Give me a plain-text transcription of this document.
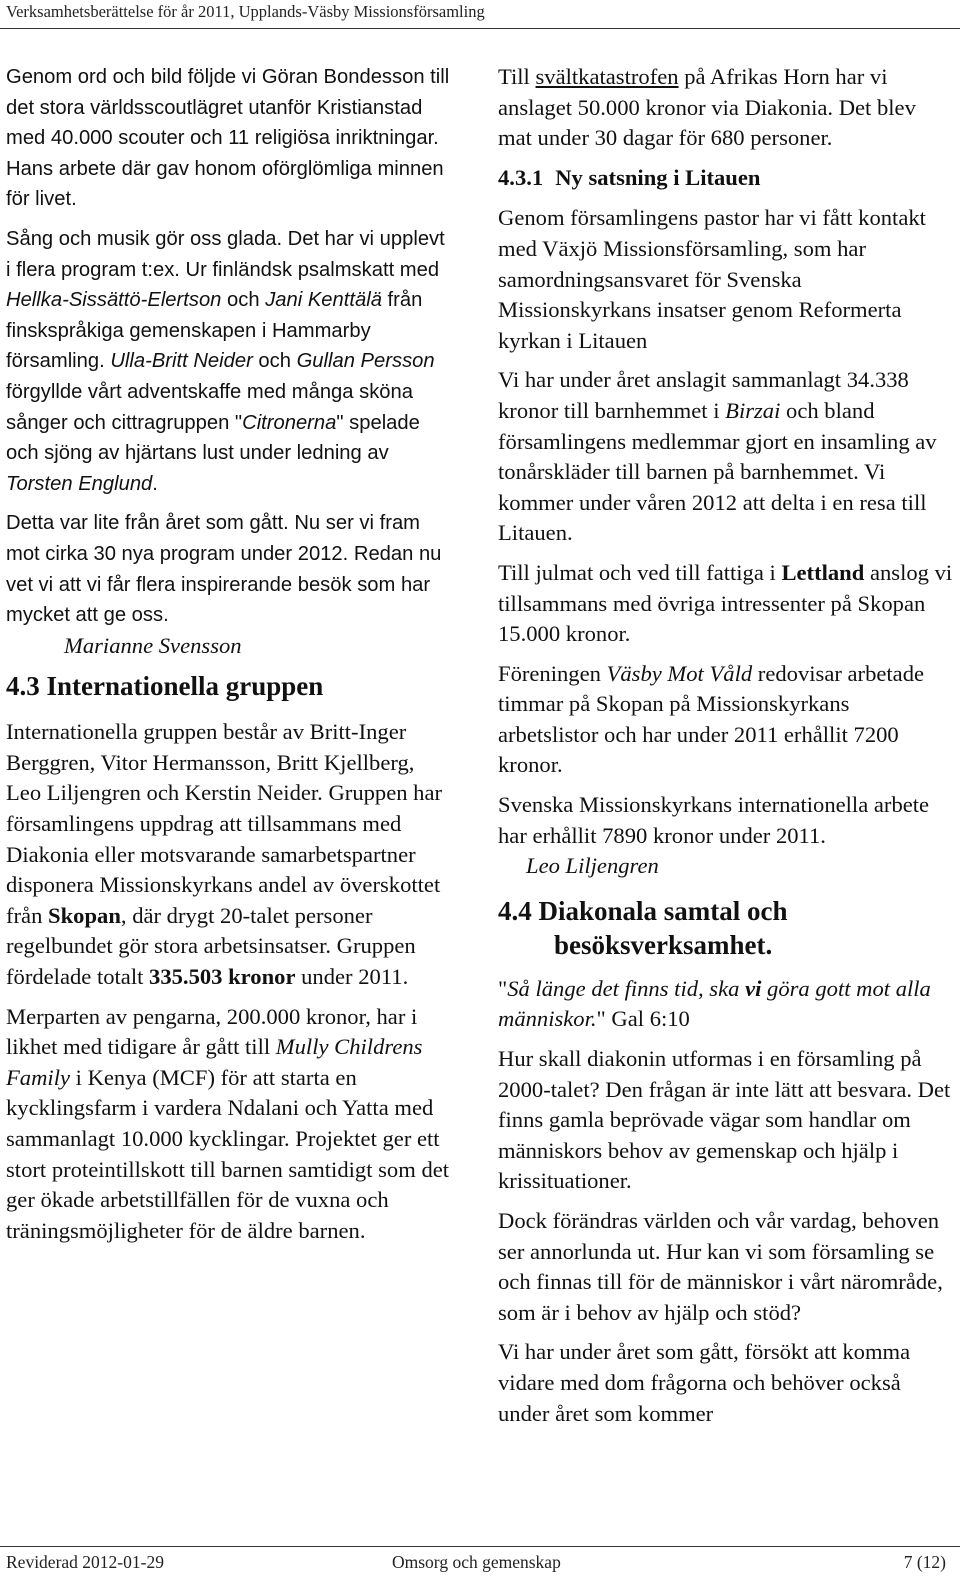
Verksamhetsberättelse för år 2011, Upplands-Väsby Missionsförsamling

Genom ord och bild följde vi Göran Bondesson till det stora världsscoutlägret utanför Kristianstad med 40.000 scouter och 11 religiösa inriktningar. Hans arbete där gav honom oförglömliga minnen för livet.

Sång och musik gör oss glada. Det har vi upplevt i flera program t:ex. Ur finländsk psalmskatt med Hellka-Sissättö-Elertson och Jani Kenttälä från finskspråkiga gemenskapen i Hammarby församling. Ulla-Britt Neider och Gullan Persson förgyllde vårt adventskaffe med många sköna sånger och cittragruppen "Citronerna" spelade och sjöng av hjärtans lust under ledning av Torsten Englund.

Detta var lite från året som gått. Nu ser vi fram mot cirka 30 nya program under 2012. Redan nu vet vi att vi får flera inspirerande besök som har mycket att ge oss.

Marianne Svensson
4.3 Internationella gruppen

Internationella gruppen består av Britt-Inger Berggren, Vitor Hermansson, Britt Kjellberg, Leo Liljengren och Kerstin Neider. Gruppen har församlingens uppdrag att tillsammans med Diakonia eller motsvarande samarbetspartner disponera Missionskyrkans andel av överskottet från Skopan, där drygt 20-talet personer regelbundet gör stora arbetsinsatser. Gruppen fördelade totalt 335.503 kronor under 2011.

Merparten av pengarna, 200.000 kronor, har i likhet med tidigare år gått till Mully Childrens Family i Kenya (MCF) för att starta en kycklingsfarm i vardera Ndalani och Yatta med sammanlagt 10.000 kycklingar. Projektet ger ett stort proteintillskott till barnen samtidigt som det ger ökade arbetstillfällen för de vuxna och träningsmöjligheter för de äldre barnen.

Till svältkatastrofen på Afrikas Horn har vi anslaget 50.000 kronor via Diakonia. Det blev mat under 30 dagar för 680 personer.

4.3.1 Ny satsning i Litauen

Genom församlingens pastor har vi fått kontakt med Växjö Missionsförsamling, som har samordningsansvaret för Svenska Missionskyrkans insatser genom Reformerta kyrkan i Litauen

Vi har under året anslagit sammanlagt 34.338 kronor till barnhemmet i Birzai och bland församlingens medlemmar gjort en insamling av tonårskläder till barnen på barnhemmet. Vi kommer under våren 2012 att delta i en resa till Litauen.

Till julmat och ved till fattiga i Lettland anslog vi tillsammans med övriga intressenter på Skopan 15.000 kronor.

Föreningen Väsby Mot Våld redovisar arbetade timmar på Skopan på Missionskyrkans arbetslistor och har under 2011 erhållit 7200 kronor.

Svenska Missionskyrkans internationella arbete har erhållit 7890 kronor under 2011.

Leo Liljengren
4.4 Diakonala samtal och
besöksverksamhet.

"Så länge det finns tid, ska vi göra gott mot alla människor." Gal 6:10

Hur skall diakonin utformas i en församling på 2000-talet? Den frågan är inte lätt att besvara. Det finns gamla beprövade vägar som handlar om människors behov av gemenskap och hjälp i krissituationer.

Dock förändras världen och vår vardag, behoven ser annorlunda ut. Hur kan vi som församling se och finnas till för de människor i vårt närområde, som är i behov av hjälp och stöd?

Vi har under året som gått, försökt att komma vidare med dom frågorna och behöver också under året som kommer

Reviderad 2012-01-29	Omsorg och gemenskap	7 (12)
